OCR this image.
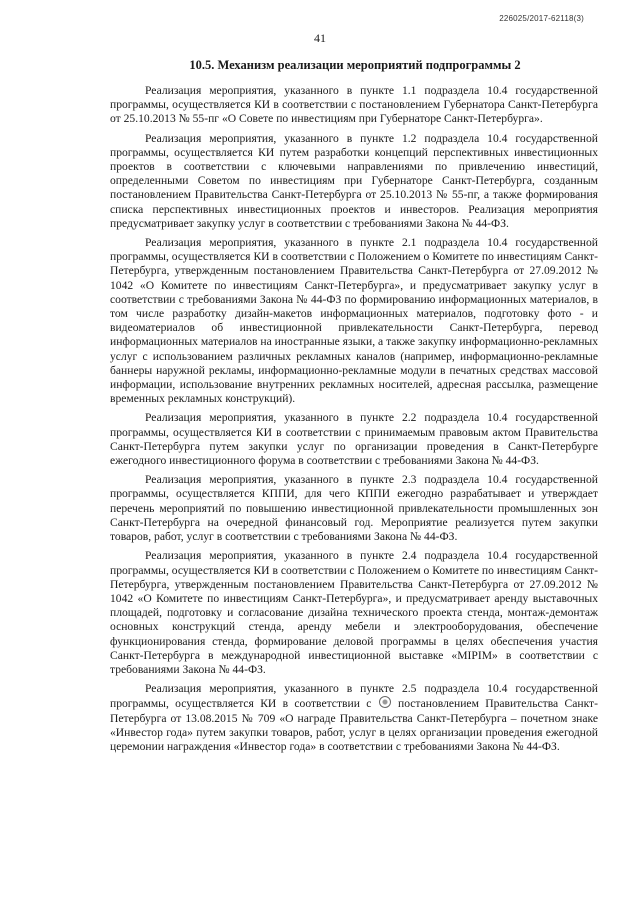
226025/2017-62118(3)
41
10.5. Механизм реализации мероприятий подпрограммы 2

Реализация мероприятия, указанного в пункте 1.1 подраздела 10.4 государственной программы, осуществляется КИ в соответствии с постановлением Губернатора Санкт-Петербурга от 25.10.2013 № 55-пг «О Совете по инвестициям при Губернаторе Санкт-Петербурга».

Реализация мероприятия, указанного в пункте 1.2 подраздела 10.4 государственной программы, осуществляется КИ путем разработки концепций перспективных инвестиционных проектов в соответствии с ключевыми направлениями по привлечению инвестиций, определенными Советом по инвестициям при Губернаторе Санкт-Петербурга, созданным постановлением Правительства Санкт-Петербурга от 25.10.2013 № 55-пг, а также формирования списка перспективных инвестиционных проектов и инвесторов. Реализация мероприятия предусматривает закупку услуг в соответствии с требованиями Закона № 44-ФЗ.

Реализация мероприятия, указанного в пункте 2.1 подраздела 10.4 государственной программы, осуществляется КИ в соответствии с Положением о Комитете по инвестициям Санкт-Петербурга, утвержденным постановлением Правительства Санкт-Петербурга от 27.09.2012 № 1042 «О Комитете по инвестициям Санкт-Петербурга», и предусматривает закупку услуг в соответствии с требованиями Закона № 44-ФЗ по формированию информационных материалов, в том числе разработку дизайн-макетов информационных материалов, подготовку фото - и видеоматериалов об инвестиционной привлекательности Санкт-Петербурга, перевод информационных материалов на иностранные языки, а также закупку информационно-рекламных услуг с использованием различных рекламных каналов (например, информационно-рекламные баннеры наружной рекламы, информационно-рекламные модули в печатных средствах массовой информации, использование внутренних рекламных носителей, адресная рассылка, размещение временных рекламных конструкций).

Реализация мероприятия, указанного в пункте 2.2 подраздела 10.4 государственной программы, осуществляется КИ в соответствии с принимаемым правовым актом Правительства Санкт-Петербурга путем закупки услуг по организации проведения в Санкт-Петербурге ежегодного инвестиционного форума в соответствии с требованиями Закона № 44-ФЗ.

Реализация мероприятия, указанного в пункте 2.3 подраздела 10.4 государственной программы, осуществляется КППИ, для чего КППИ ежегодно разрабатывает и утверждает перечень мероприятий по повышению инвестиционной привлекательности промышленных зон Санкт-Петербурга на очередной финансовый год. Мероприятие реализуется путем закупки товаров, работ, услуг в соответствии с требованиями Закона № 44-ФЗ.

Реализация мероприятия, указанного в пункте 2.4 подраздела 10.4 государственной программы, осуществляется КИ в соответствии с Положением о Комитете по инвестициям Санкт-Петербурга, утвержденным постановлением Правительства Санкт-Петербурга от 27.09.2012 № 1042 «О Комитете по инвестициям Санкт-Петербурга», и предусматривает аренду выставочных площадей, подготовку и согласование дизайна технического проекта стенда, монтаж-демонтаж основных конструкций стенда, аренду мебели и электрооборудования, обеспечение функционирования стенда, формирование деловой программы в целях обеспечения участия Санкт-Петербурга в международной инвестиционной выставке «MIPIM» в соответствии с требованиями Закона № 44-ФЗ.

Реализация мероприятия, указанного в пункте 2.5 подраздела 10.4 государственной программы, осуществляется КИ в соответствии с постановлением Правительства Санкт-Петербурга от 13.08.2015 № 709 «О награде Правительства Санкт-Петербурга – почетном знаке «Инвестор года» путем закупки товаров, работ, услуг в целях организации проведения ежегодной церемонии награждения «Инвестор года» в соответствии с требованиями Закона № 44-ФЗ.
